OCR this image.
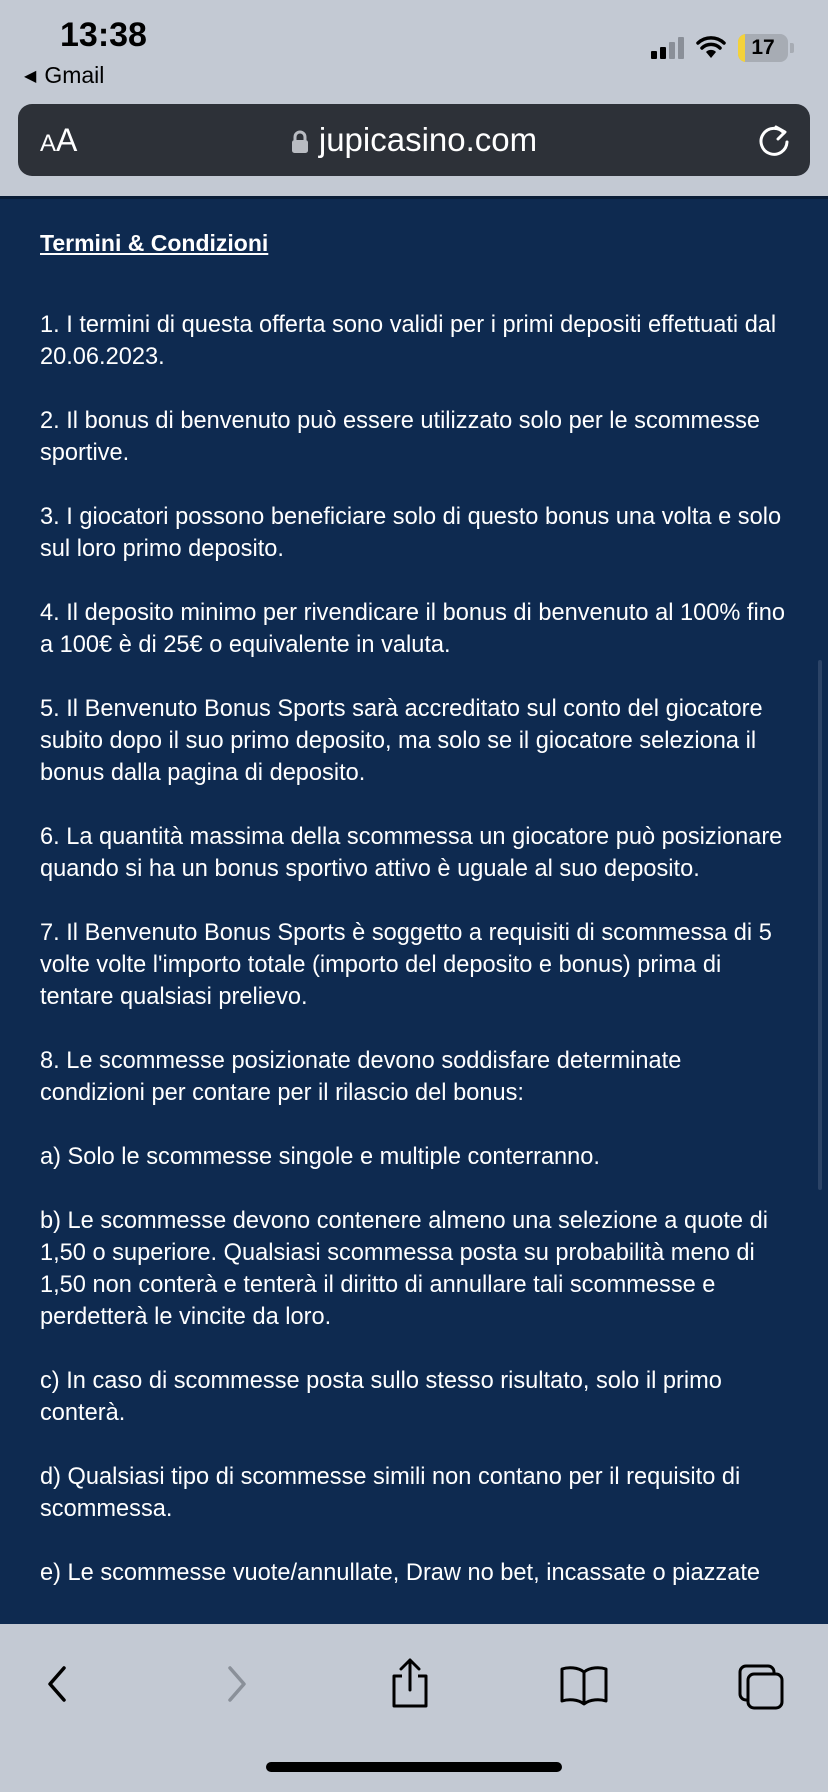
13:38
◀ Gmail
17
AA	jupicasino.com
Termini & Condizioni

1. I termini di questa offerta sono validi per i primi depositi effettuati dal 20.06.2023.

2. Il bonus di benvenuto può essere utilizzato solo per le scommesse sportive.

3. I giocatori possono beneficiare solo di questo bonus una volta e solo sul loro primo deposito.

4. Il deposito minimo per rivendicare il bonus di benvenuto al 100% fino a 100€ è di 25€ o equivalente in valuta.

5. Il Benvenuto Bonus Sports sarà accreditato sul conto del giocatore subito dopo il suo primo deposito, ma solo se il giocatore seleziona il bonus dalla pagina di deposito.

6. La quantità massima della scommessa un giocatore può posizionare quando si ha un bonus sportivo attivo è uguale al suo deposito.

7. Il Benvenuto Bonus Sports è soggetto a requisiti di scommessa di 5 volte volte l'importo totale (importo del deposito e bonus) prima di tentare qualsiasi prelievo.

8. Le scommesse posizionate devono soddisfare determinate condizioni per contare per il rilascio del bonus:

a) Solo le scommesse singole e multiple conterranno.

b) Le scommesse devono contenere almeno una selezione a quote di 1,50 o superiore. Qualsiasi scommessa posta su probabilità meno di 1,50 non conterà e tenterà il diritto di annullare tali scommesse e perdetterà le vincite da loro.

c) In caso di scommesse posta sullo stesso risultato, solo il primo conterà.

d) Qualsiasi tipo di scommesse simili non contano per il requisito di scommessa.

e) Le scommesse vuote/annullate, Draw no bet, incassate o piazzate
